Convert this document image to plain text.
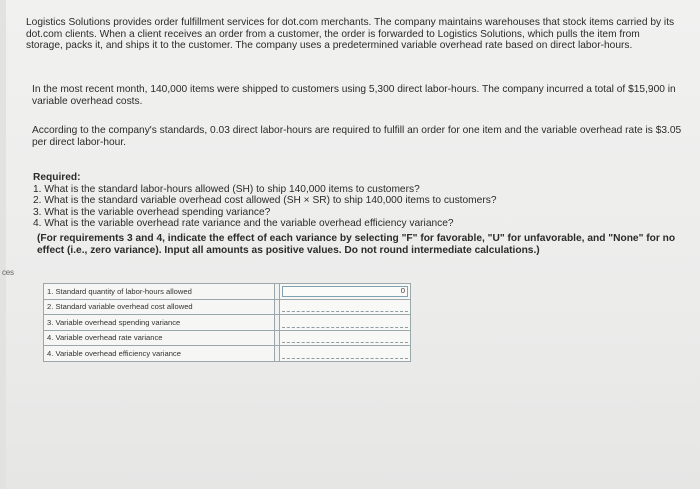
ces

Logistics Solutions provides order fulfillment services for dot.com merchants. The company maintains warehouses that stock items carried by its dot.com clients. When a client receives an order from a customer, the order is forwarded to Logistics Solutions, which pulls the item from storage, packs it, and ships it to the customer. The company uses a predetermined variable overhead rate based on direct labor-hours.

In the most recent month, 140,000 items were shipped to customers using 5,300 direct labor-hours. The company incurred a total of $15,900 in variable overhead costs.

According to the company's standards, 0.03 direct labor-hours are required to fulfill an order for one item and the variable overhead rate is $3.05 per direct labor-hour.

Required:
1. What is the standard labor-hours allowed (SH) to ship 140,000 items to customers?
2. What is the standard variable overhead cost allowed (SH × SR) to ship 140,000 items to customers?
3. What is the variable overhead spending variance?
4. What is the variable overhead rate variance and the variable overhead efficiency variance?

(For requirements 3 and 4, indicate the effect of each variance by selecting "F" for favorable, "U" for unfavorable, and "None" for no effect (i.e., zero variance). Input all amounts as positive values. Do not round intermediate calculations.)

1. Standard quantity of labor-hours allowed		0

2. Standard variable overhead cost allowed		

3. Variable overhead spending variance		

4. Variable overhead rate variance		

4. Variable overhead efficiency variance		
